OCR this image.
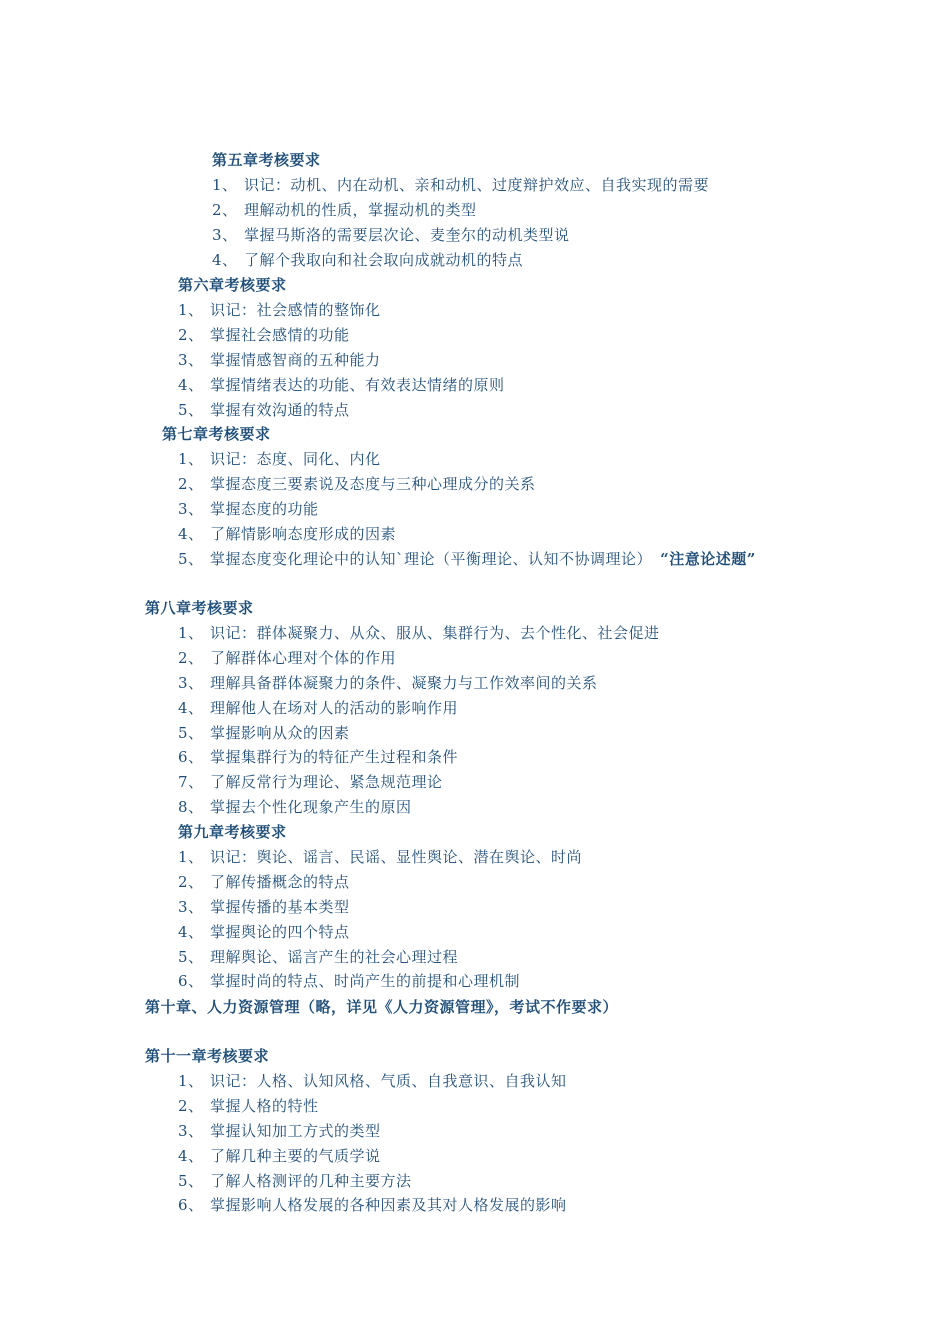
第五章考核要求
1、 识记：动机、内在动机、亲和动机、过度辩护效应、自我实现的需要
2、 理解动机的性质，掌握动机的类型
3、 掌握马斯洛的需要层次论、麦奎尔的动机类型说
4、 了解个我取向和社会取向成就动机的特点
第六章考核要求
1、 识记：社会感情的整饰化
2、 掌握社会感情的功能
3、 掌握情感智商的五种能力
4、 掌握情绪表达的功能、有效表达情绪的原则
5、 掌握有效沟通的特点
第七章考核要求
1、 识记：态度、同化、内化
2、 掌握态度三要素说及态度与三种心理成分的关系
3、 掌握态度的功能
4、 了解情影响态度形成的因素
5、 掌握态度变化理论中的认知`理论（平衡理论、认知不协调理论） “注意论述题”
第八章考核要求
1、 识记：群体凝聚力、从众、服从、集群行为、去个性化、社会促进
2、 了解群体心理对个体的作用
3、 理解具备群体凝聚力的条件、凝聚力与工作效率间的关系
4、 理解他人在场对人的活动的影响作用
5、 掌握影响从众的因素
6、 掌握集群行为的特征产生过程和条件
7、 了解反常行为理论、紧急规范理论
8、 掌握去个性化现象产生的原因
第九章考核要求
1、 识记：舆论、谣言、民谣、显性舆论、潜在舆论、时尚
2、 了解传播概念的特点
3、 掌握传播的基本类型
4、 掌握舆论的四个特点
5、 理解舆论、谣言产生的社会心理过程
6、 掌握时尚的特点、时尚产生的前提和心理机制
第十章、人力资源管理（略，详见《人力资源管理》，考试不作要求）
第十一章考核要求
1、 识记：人格、认知风格、气质、自我意识、自我认知
2、 掌握人格的特性
3、 掌握认知加工方式的类型
4、 了解几种主要的气质学说
5、 了解人格测评的几种主要方法
6、 掌握影响人格发展的各种因素及其对人格发展的影响
